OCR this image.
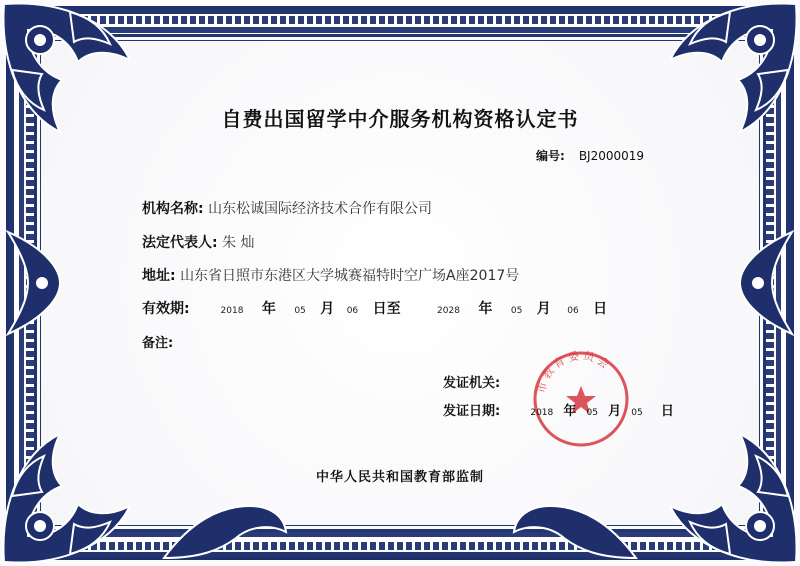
自费出国留学中介服务机构资格认定书
编号: BJ2000019
机构名称: 山东松诚国际经济技术合作有限公司
法定代表人: 朱 灿
地址: 山东省日照市东港区大学城赛福特时空广场A座2017号
有效期:	2018 年 05 月 06 日至	2028 年 05 月 06 日
备注:
市教育委员会
发证机关:
发证日期:	2018 年 05 月 05 日
中华人民共和国教育部监制
